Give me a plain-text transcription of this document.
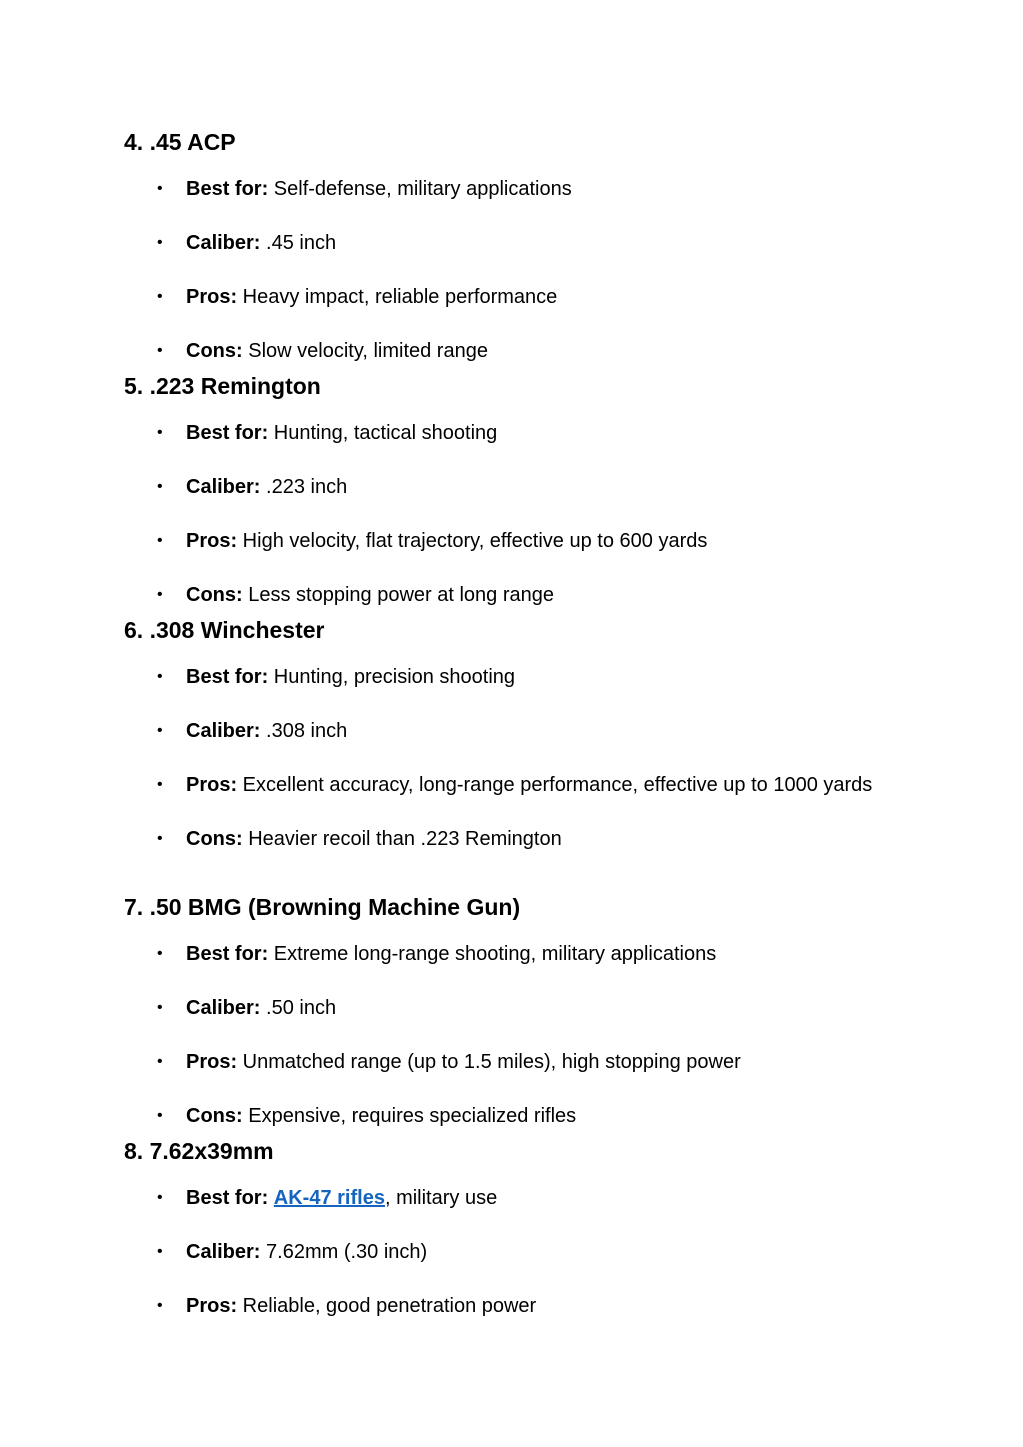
4. .45 ACP
• Best for: Self-defense, military applications
• Caliber: .45 inch
• Pros: Heavy impact, reliable performance
• Cons: Slow velocity, limited range
5. .223 Remington
• Best for: Hunting, tactical shooting
• Caliber: .223 inch
• Pros: High velocity, flat trajectory, effective up to 600 yards
• Cons: Less stopping power at long range
6. .308 Winchester
• Best for: Hunting, precision shooting
• Caliber: .308 inch
• Pros: Excellent accuracy, long-range performance, effective up to 1000 yards
• Cons: Heavier recoil than .223 Remington
7. .50 BMG (Browning Machine Gun)
• Best for: Extreme long-range shooting, military applications
• Caliber: .50 inch
• Pros: Unmatched range (up to 1.5 miles), high stopping power
• Cons: Expensive, requires specialized rifles
8. 7.62x39mm
• Best for: AK-47 rifles, military use
• Caliber: 7.62mm (.30 inch)
• Pros: Reliable, good penetration power
